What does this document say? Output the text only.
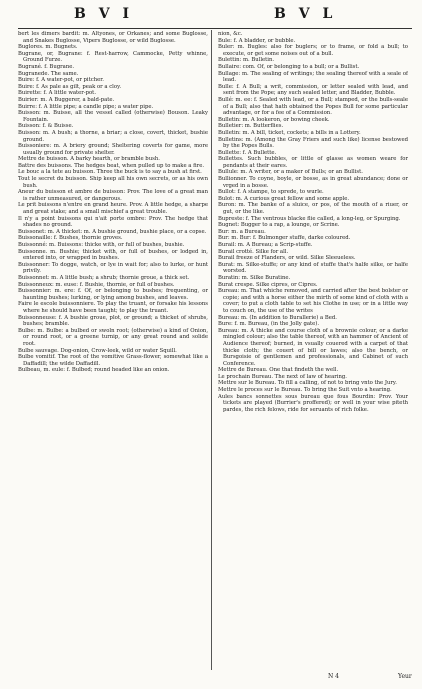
B V I	B V L

bert les dimers bardit: m. Altyones, or Orkanes; and some Buglosse, and Snakes Buglosse, Vipers Buglosse, or wild Buglosse.

Buglores. m. Bugnets.

Bugrane, or, Bugrane: f. Rest-harrow, Cammocke, Petty whinne, Ground Furze.

Bugrané. f. Bugrane.

Bugranede. The same.

Buire: f. A water-pot, or pitcher.

Buire: f. As pale as gilt, peak or a cloy.

Buirette: f. A little water-pot.

Buirier: m. A Buggerer, a bald-pate.

Buirre: f. A little pipe; a candle pipe; a water pipe.

Buisson: m. Buisse, all the vessel called (otherwise) Bouson. Leaky Fountain.

Buisson: f. & Buisse.

Buisson: m. A bush; a thorne, a briar; a close, covert, thicket, bushie ground.

Buissoniere: m. A briery ground; Sheltering coverts for game, more usually ground for private shelter.

Mettre de buisson. A barky hearth, or bramble bush.

Battre des buissons. The hedges beat, when pulled up to make a fire.

Le bouc a la tete au buisson. Three the buck is to say a bush at first.

Tout le secret du buisson. Ship keep all his own secrets, or as his own bush.

Aneur du buisson et ambre de buisson: Prov. The love of a great man is rather unmeasured, or dangerous.

Le prit buissons n'entre en grand heure. Prov. A little hedge, a sharpe and great stake; and a small mischief a great trouble.

Il n'y a point buissons qui n'ait porte ombre: Prov. The hedge that shades no ground.

Buissonet: m. A thicket: m. A bushie ground, bushie place, or a copse.

Buissonaille: f. Bushes, thornie groves.

Buissonné: m. Buissons: thicke with, or full of bushes, bushie.

Buissonne. m. Bushie; thicket with, or full of bushes, or lodged in, entered into, or wrapped in bushes.

Buissonner: To dogge, watch, or lye in wait for; also to lurke, or hunt privily.

Buissonnet: m. A little bush; a shrub; thornie groue, a thick set.

Buissonneux: m. euse: f. Bushie, thornie, or full of bushes.

Buissonnier: m. ere: f. Of, or belonging to bushes; frequenting, or haunting bushes; lurking, or lying among bushes, and leaves.

Faire le escole buissonniere. To play the truant, or forsake his lessons where he should have been taught; to play the truant.

Buissonneuse: f. A bushie groue, plot, or ground; a thicket of shrubs, bushes; bramble.

Bulbe: m. Bulbe: a bulbed or swoln root; (otherwise) a kind of Onion, or round root, or a greene turnip, or any great round and solide root.

Bulbe sauvage. Dog-onion, Crow-leek, wild or water Squill.

Bulbe vomitif. The root of the vomitive Grass-flower, somewhat like a Daffadill; the wilde Daffadill.

Bulbeau, m. eule: f. Bulbed; round headed like an onion.

nion, &c.

Bule: f. A bladder, or bubble.

Buler: m. Bugles: also for buglers; or to frame, or fold a bull; to execute, or get some noises out of a bull.

Bulettin: m. Bulletin.

Bullaire: com. Of, or belonging to a bull; or a Bullist.

Bullage: m. The sealing of writings; the sealing thereof with a seale of lead.

Bulle: f. A Bull; a writ, commission, or letter sealed with lead, and sent from the Pope; any such sealed letter, and Bladder, Bubble.

Bullé: m. ee: f. Sealed with lead, or a Bull; stamped, or the bulls-seale of a Bull; also that hath obtained the Popes Bull for some particular advantage, or for a fee of a Commission.

Bulletin: m. A lookeron, or bowing cheek.

Bulletier: m. Butterflies.

Bulletin: m. A bill, ticket, cockets; a bills in a Lottery.

Bulletins: m. (Among the Gray Friers and such like) license bestowed by the Popes Bulls.

Bullette: f. A Bullette.

Bullettes. Such bubbles, or little of glasse as women weare for pendants at their eares.

Bullule: m. A writer, or a maker of Bulls; or an Bullist.

Bullionner. To coyne, boyle, or bosse, as in great abundance; done or vrged in a bosse.

Bullot: f. A stampe, to sprede, to wurle.

Bulot: m. A curious great fellow and some apple.

Buron: m. The banke of a sluice, or pos, of the mouth of a riuer, or gut, or the like.

Bupreste: f. The ventrous blacke flie called, a long-leg, or Spurging.

Bugnet: Bugger to a rap, a lounge, or Scrine.

Bur: m. a Bureau.

Bur: m. Bur: f. Bulmonger stuffe, darke coloured.

Burail: m. A Bureau; a Scrip-stuffe.

Burail crotté. Silke for all.

Burail freeze of Flanders, or wild. Silke Sleeueless.

Burat: m. Silke-stuffe; or any kind of stuffe that's halfe silke, or halfe worsted.

Buratin: m. Silke Buratine.

Burat crespe. Silke cipres, or Cipres.

Bureau: m. That whiche removed, and carried after the best bolster or copie; and with a horse either the mirth of some kind of cloth with a cover; to put a cloth table to set his Clothe in use; or in a little way to couch on, the use of the writes

Bureau: m. (In addition to Burallerie) a Bed.

Bure: f. m. Bureau, (in the Jolly gate).

Bureau: m. A thicke and course cloth of a brownie colour, or a darke mingled colour; also the table thereof, with an hammer of Ancient of Audience thereof; burned, in vsually couered with a carpet of that thicke cloth; the couert of bill or lawes; also the bench, or Bursgoisie of gentlemen and professionals, and Cabinet of such Conference.

Mettre de Bureau. One that findeth the well.

Le prochain Bureau. The next of law of hearing.

Mettre sur le Bureau. To fill a calling, of not to bring vnto the Jury.

Mettre le proces sur le Bureau. To bring the Suit vnto a hearing.

Aules bancs sonnettes sous bureau que fous Bourdin: Prov. Your tickets are played (Burrier's proffered); or well in your wise piteth pardes, the rich felows, ride for seruants of rich folke.

N 4	Yeur
